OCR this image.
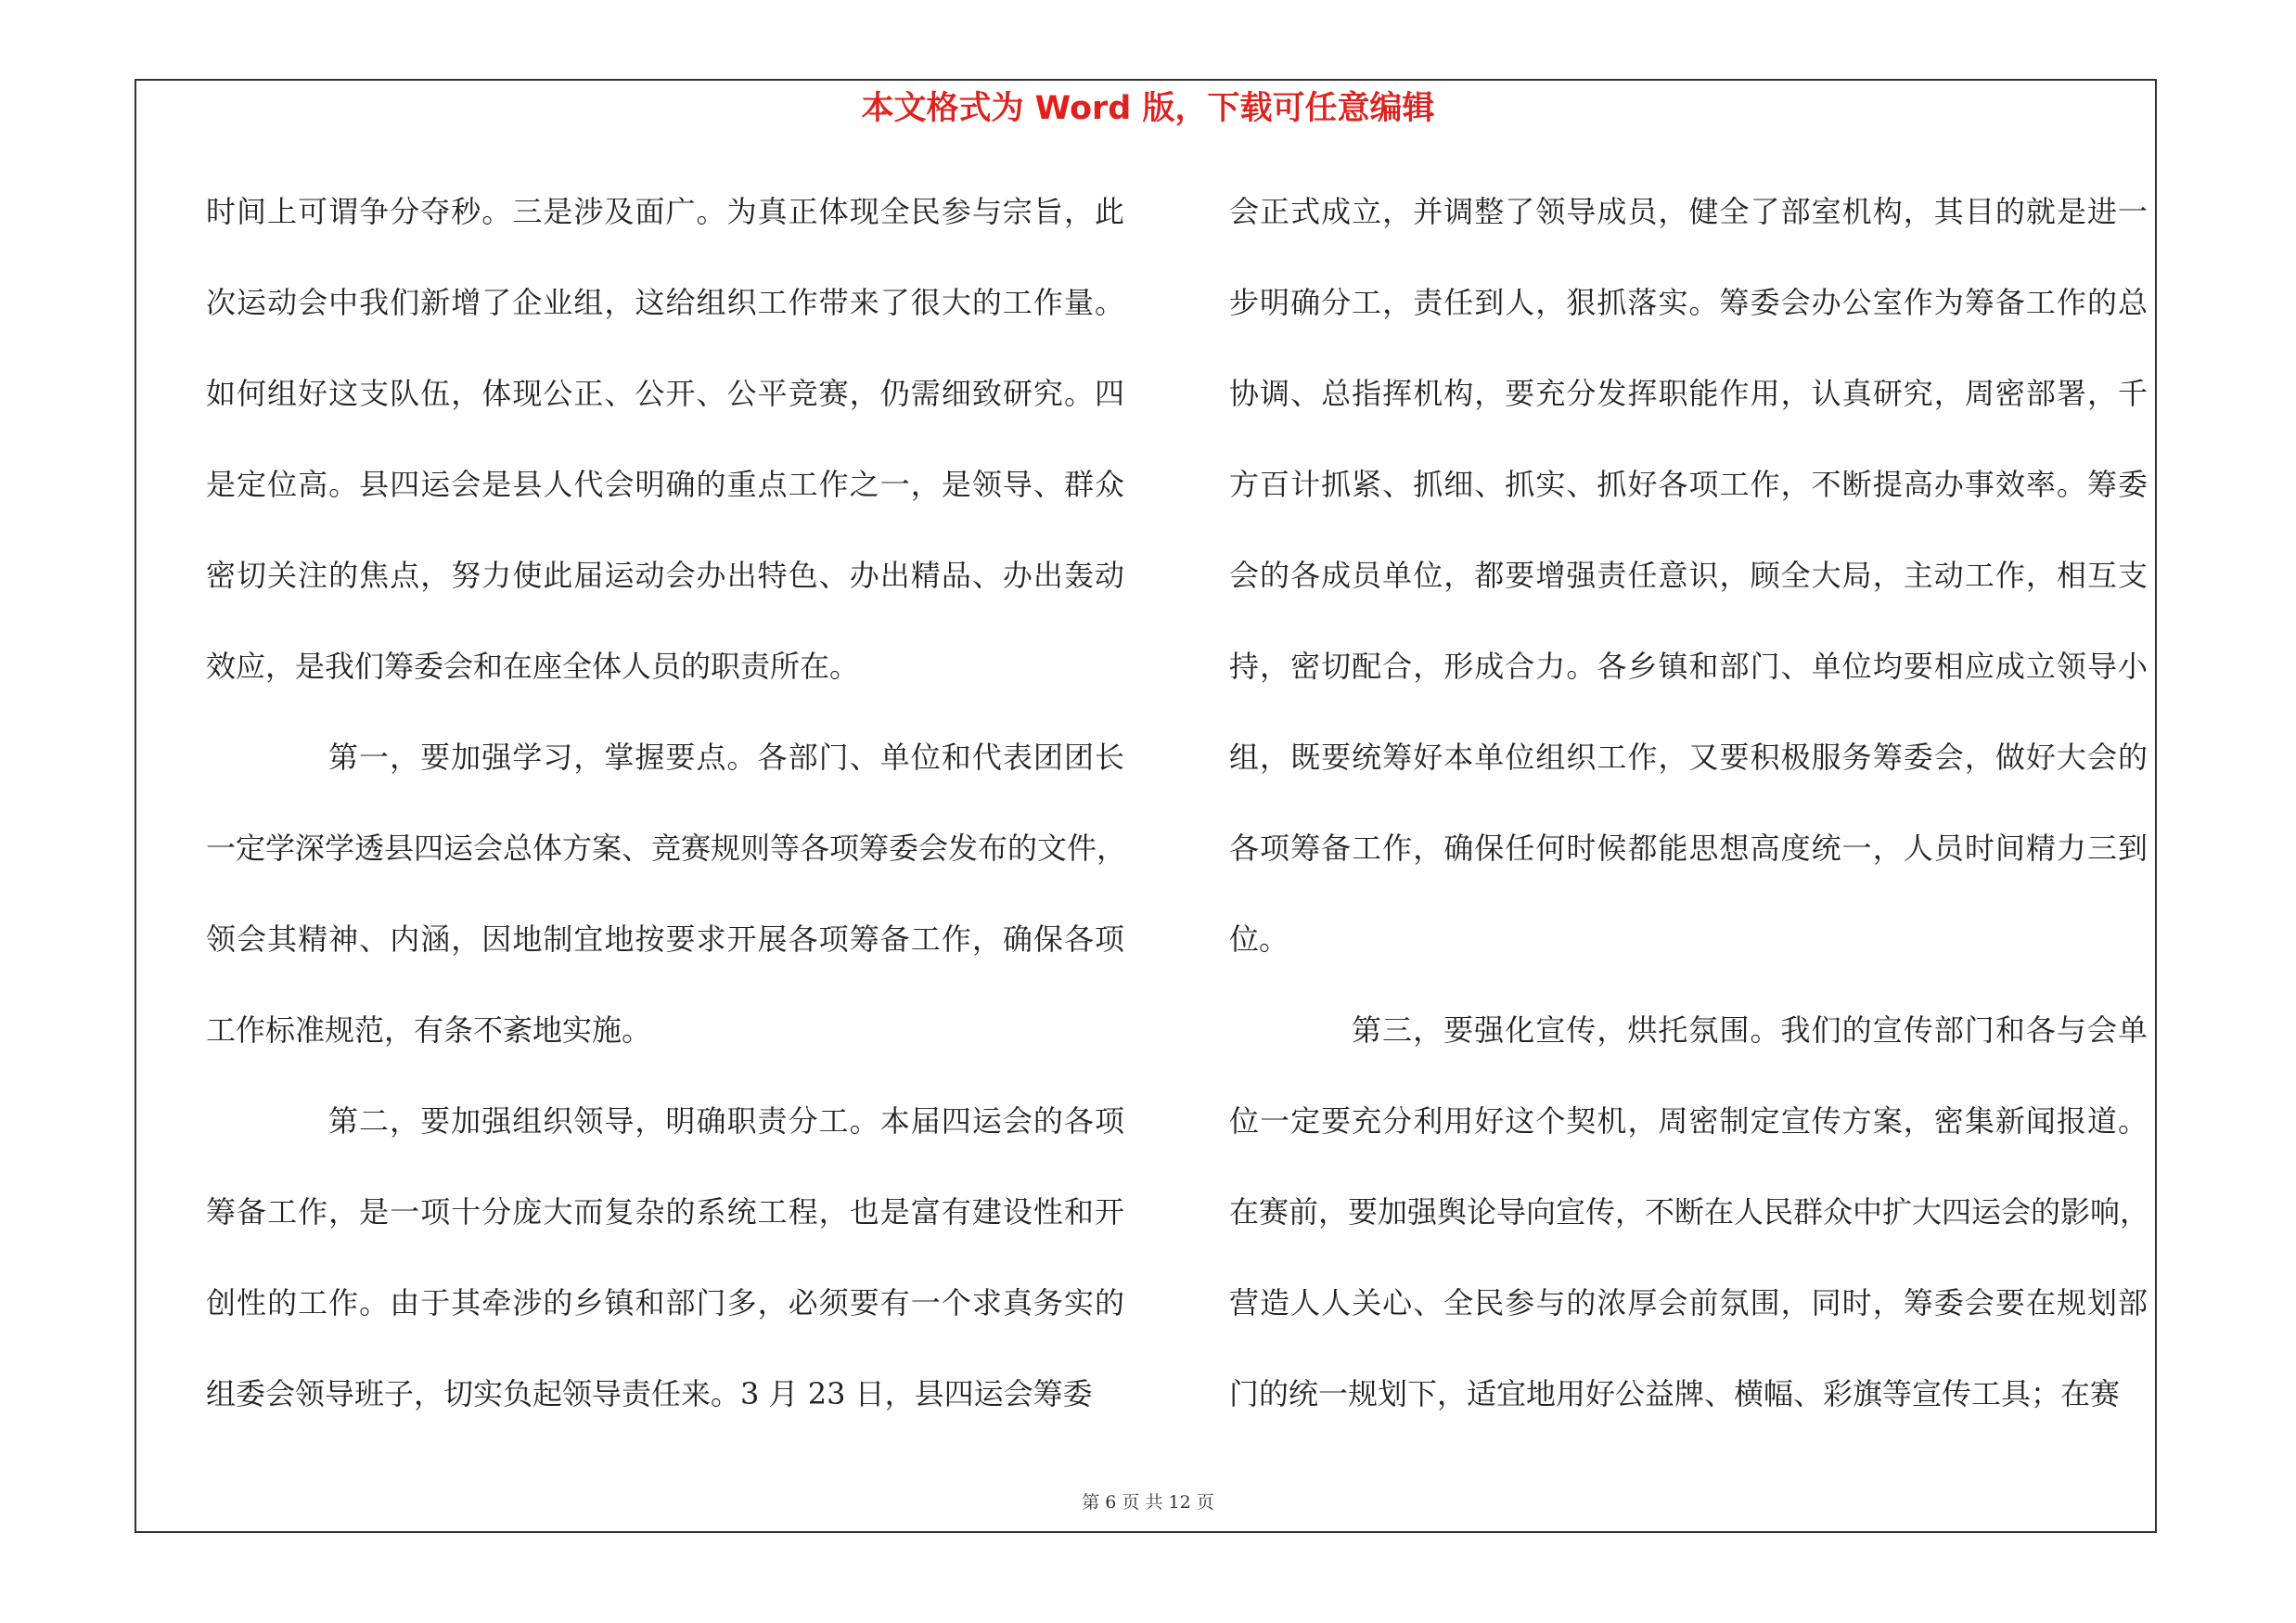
本文格式为 Word 版，下载可任意编辑
时间上可谓争分夺秒。三是涉及面广。为真正体现全民参与宗旨，此
次运动会中我们新增了企业组，这给组织工作带来了很大的工作量。
如何组好这支队伍，体现公正、公开、公平竞赛，仍需细致研究。四
是定位高。县四运会是县人代会明确的重点工作之一，是领导、群众
密切关注的焦点，努力使此届运动会办出特色、办出精品、办出轰动
效应，是我们筹委会和在座全体人员的职责所在。
第一，要加强学习，掌握要点。各部门、单位和代表团团长
一定学深学透县四运会总体方案、竞赛规则等各项筹委会发布的文件，
领会其精神、内涵，因地制宜地按要求开展各项筹备工作，确保各项
工作标准规范，有条不紊地实施。
第二，要加强组织领导，明确职责分工。本届四运会的各项
筹备工作，是一项十分庞大而复杂的系统工程，也是富有建设性和开
创性的工作。由于其牵涉的乡镇和部门多，必须要有一个求真务实的
组委会领导班子，切实负起领导责任来。3 月 23 日，县四运会筹委
会正式成立，并调整了领导成员，健全了部室机构，其目的就是进一
步明确分工，责任到人，狠抓落实。筹委会办公室作为筹备工作的总
协调、总指挥机构，要充分发挥职能作用，认真研究，周密部署，千
方百计抓紧、抓细、抓实、抓好各项工作，不断提高办事效率。筹委
会的各成员单位，都要增强责任意识，顾全大局，主动工作，相互支
持，密切配合，形成合力。各乡镇和部门、单位均要相应成立领导小
组，既要统筹好本单位组织工作，又要积极服务筹委会，做好大会的
各项筹备工作，确保任何时候都能思想高度统一，人员时间精力三到
位。
第三，要强化宣传，烘托氛围。我们的宣传部门和各与会单
位一定要充分利用好这个契机，周密制定宣传方案，密集新闻报道。
在赛前，要加强舆论导向宣传，不断在人民群众中扩大四运会的影响，
营造人人关心、全民参与的浓厚会前氛围，同时，筹委会要在规划部
门的统一规划下，适宜地用好公益牌、横幅、彩旗等宣传工具；在赛
第 6 页 共 12 页
